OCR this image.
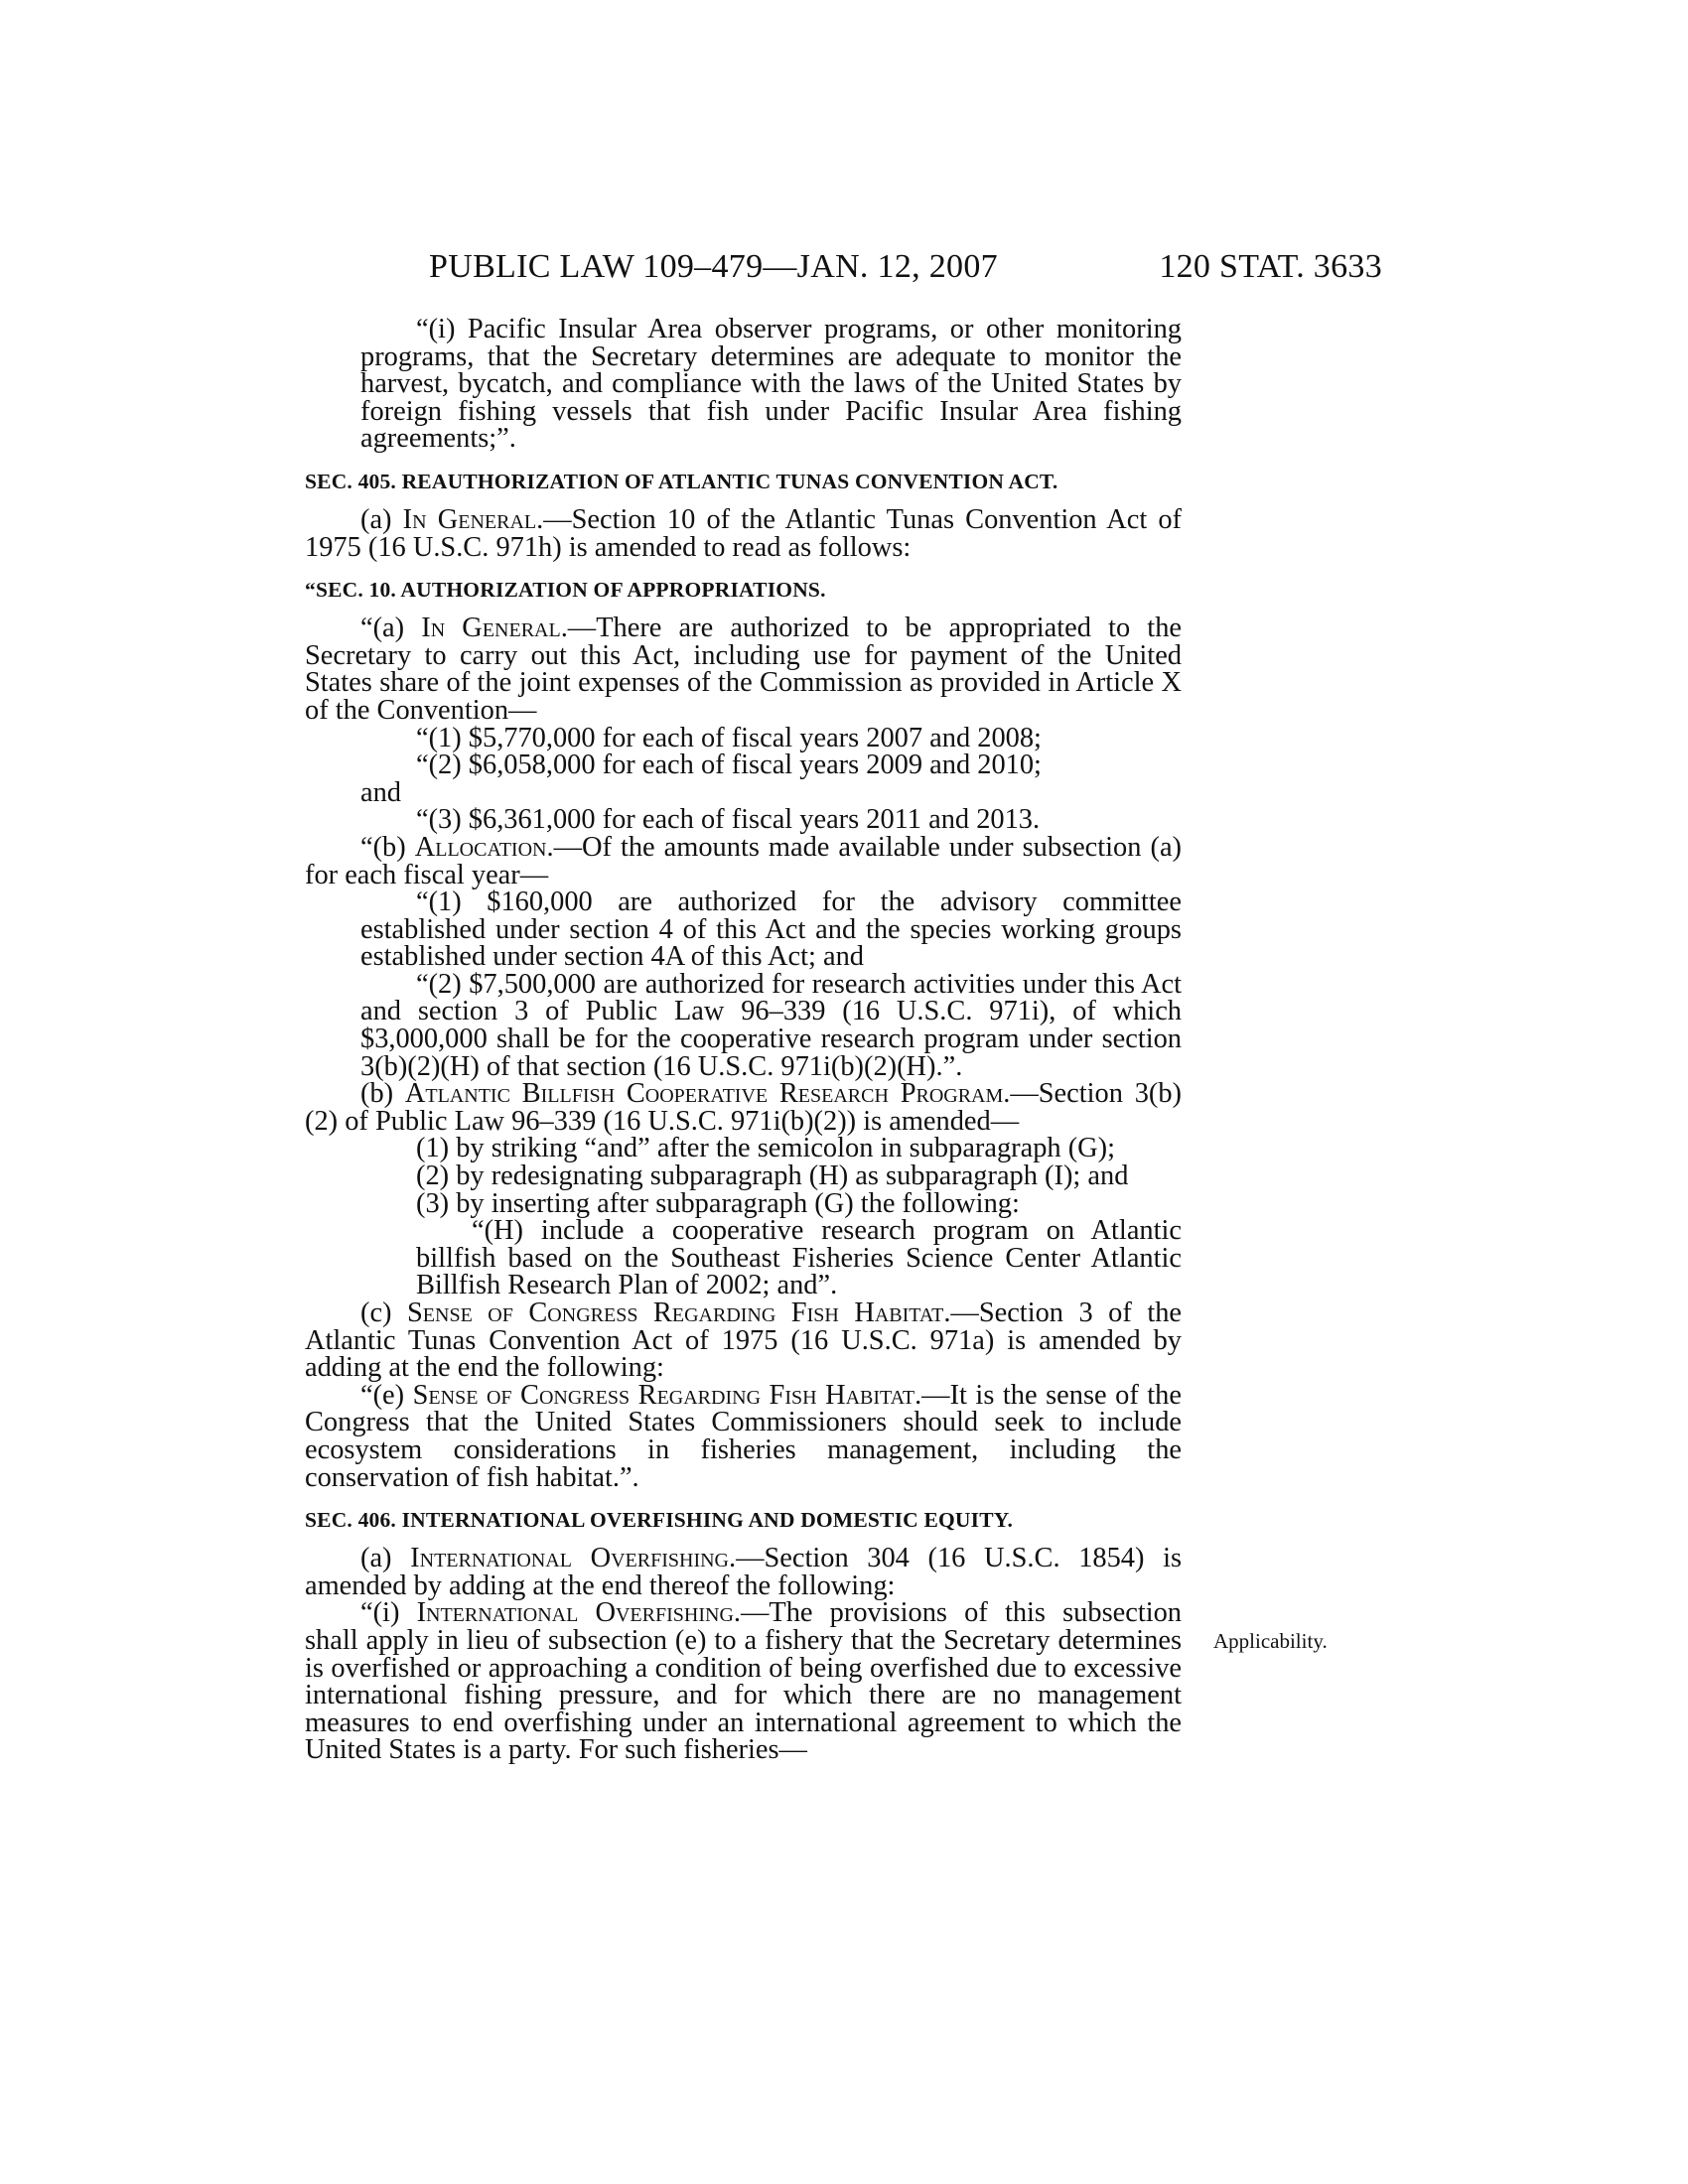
PUBLIC LAW 109–479—JAN. 12, 2007	120 STAT. 3633
Applicability.

“(i) Pacific Insular Area observer programs, or other monitoring programs, that the Secretary determines are adequate to monitor the harvest, bycatch, and compliance with the laws of the United States by foreign fishing vessels that fish under Pacific Insular Area fishing agreements;”.

SEC. 405. REAUTHORIZATION OF ATLANTIC TUNAS CONVENTION ACT.

(a) In General.—Section 10 of the Atlantic Tunas Convention Act of 1975 (16 U.S.C. 971h) is amended to read as follows:

“SEC. 10. AUTHORIZATION OF APPROPRIATIONS.

“(a) In General.—There are authorized to be appropriated to the Secretary to carry out this Act, including use for payment of the United States share of the joint expenses of the Commission as provided in Article X of the Convention—

“(1) $5,770,000 for each of fiscal years 2007 and 2008;

“(2) $6,058,000 for each of fiscal years 2009 and 2010;

and

“(3) $6,361,000 for each of fiscal years 2011 and 2013.

“(b) Allocation.—Of the amounts made available under subsection (a) for each fiscal year—

“(1) $160,000 are authorized for the advisory committee established under section 4 of this Act and the species working groups established under section 4A of this Act; and

“(2) $7,500,000 are authorized for research activities under this Act and section 3 of Public Law 96–339 (16 U.S.C. 971i), of which $3,000,000 shall be for the cooperative research program under section 3(b)(2)(H) of that section (16 U.S.C. 971i(b)(2)(H).”.

(b) Atlantic Billfish Cooperative Research Program.—Section 3(b)(2) of Public Law 96–339 (16 U.S.C. 971i(b)(2)) is amended—

(1) by striking “and” after the semicolon in subparagraph (G);

(2) by redesignating subparagraph (H) as subparagraph (I); and

(3) by inserting after subparagraph (G) the following:

“(H) include a cooperative research program on Atlantic billfish based on the Southeast Fisheries Science Center Atlantic Billfish Research Plan of 2002; and”.

(c) Sense of Congress Regarding Fish Habitat.—Section 3 of the Atlantic Tunas Convention Act of 1975 (16 U.S.C. 971a) is amended by adding at the end the following:

“(e) Sense of Congress Regarding Fish Habitat.—It is the sense of the Congress that the United States Commissioners should seek to include ecosystem considerations in fisheries management, including the conservation of fish habitat.”.

SEC. 406. INTERNATIONAL OVERFISHING AND DOMESTIC EQUITY.

(a) International Overfishing.—Section 304 (16 U.S.C. 1854) is amended by adding at the end thereof the following:

“(i) International Overfishing.—The provisions of this subsection shall apply in lieu of subsection (e) to a fishery that the Secretary determines is overfished or approaching a condition of being overfished due to excessive international fishing pressure, and for which there are no management measures to end overfishing under an international agreement to which the United States is a party. For such fisheries—
